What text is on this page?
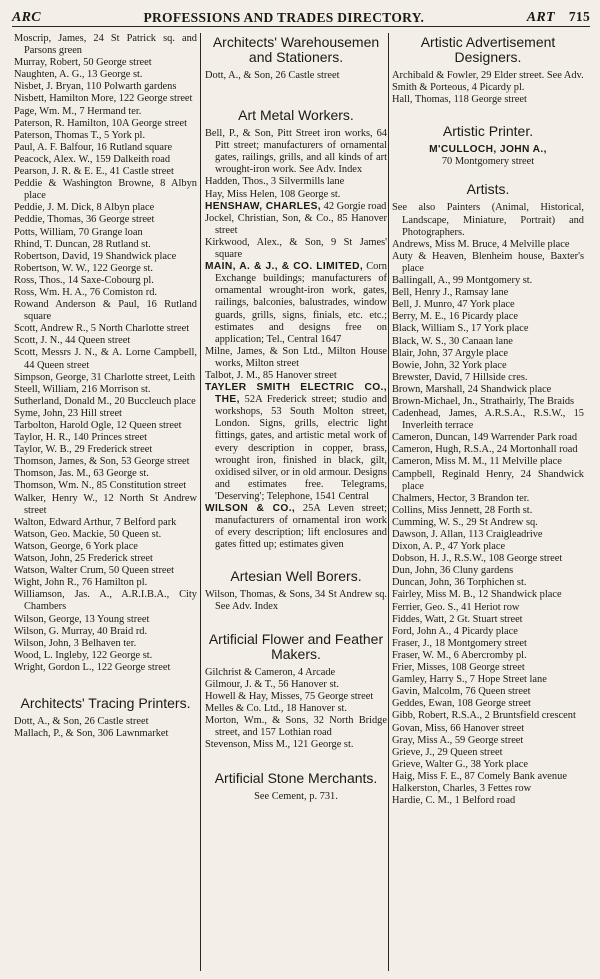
ARC	PROFESSIONS AND TRADES DIRECTORY.	ART 715

Moscrip, James, 24 St Patrick sq. and Parsons green

Murray, Robert, 50 George street

Naughten, A. G., 13 George st.

Nisbet, J. Bryan, 110 Polwarth gardens

Nisbett, Hamilton More, 122 George street

Page, Wm. M., 7 Hermand ter.

Paterson, R. Hamilton, 10A George street

Paterson, Thomas T., 5 York pl.

Paul, A. F. Balfour, 16 Rutland square

Peacock, Alex. W., 159 Dalkeith road

Pearson, J. R. & E. E., 41 Castle street

Peddie & Washington Browne, 8 Albyn place

Peddie, J. M. Dick, 8 Albyn place

Peddie, Thomas, 36 George street

Potts, William, 70 Grange loan

Rhind, T. Duncan, 28 Rutland st.

Robertson, David, 19 Shandwick place

Robertson, W. W., 122 George st.

Ross, Thos., 14 Saxe-Cobourg pl.

Ross, Wm. H. A., 76 Comiston rd.

Rowand Anderson & Paul, 16 Rutland square

Scott, Andrew R., 5 North Charlotte street

Scott, J. N., 44 Queen street

Scott, Messrs J. N., & A. Lorne Campbell, 44 Queen street

Simpson, George, 31 Charlotte street, Leith

Steell, William, 216 Morrison st.

Sutherland, Donald M., 20 Buccleuch place

Syme, John, 23 Hill street

Tarbolton, Harold Ogle, 12 Queen street

Taylor, H. R., 140 Princes street

Taylor, W. B., 29 Frederick street

Thomson, James, & Son, 53 George street

Thomson, Jas. M., 63 George st.

Thomson, Wm. N., 85 Constitution street

Walker, Henry W., 12 North St Andrew street

Walton, Edward Arthur, 7 Belford park

Watson, Geo. Mackie, 50 Queen st.

Watson, George, 6 York place

Watson, John, 25 Frederick street

Watson, Walter Crum, 50 Queen street

Wight, John R., 76 Hamilton pl.

Williamson, Jas. A., A.R.I.B.A., City Chambers

Wilson, George, 13 Young street

Wilson, G. Murray, 40 Braid rd.

Wilson, John, 3 Belhaven ter.

Wood, L. Ingleby, 122 George st.

Wright, Gordon L., 122 George street

Architects' Tracing Printers.

Dott, A., & Son, 26 Castle street

Mallach, P., & Son, 306 Lawnmarket

Architects' Warehousemen and Stationers.

Dott, A., & Son, 26 Castle street

Art Metal Workers.

Bell, P., & Son, Pitt Street iron works, 64 Pitt street; manufacturers of ornamental gates, railings, grills, and all kinds of art wrought-iron work. See Adv. Index

Hadden, Thos., 3 Silvermills lane

Hay, Miss Helen, 108 George st.

HENSHAW, CHARLES, 42 Gorgie road

Jockel, Christian, Son, & Co., 85 Hanover street

Kirkwood, Alex., & Son, 9 St James' square

MAIN, A. & J., & CO. LIMITED, Corn Exchange buildings; manufacturers of ornamental wrought-iron work, gates, railings, balconies, balustrades, window guards, grills, signs, finials, etc. etc.; estimates and designs free on application; Tel., Central 1647

Milne, James, & Son Ltd., Milton House works, Milton street

Talbot, J. M., 85 Hanover street

TAYLER SMITH ELECTRIC CO., THE, 52A Frederick street; studio and workshops, 53 South Molton street, London. Signs, grills, electric light fittings, gates, and artistic metal work of every description in copper, brass, wrought iron, finished in black, gilt, oxidised silver, or in old armour. Designs and estimates free. Telegrams, 'Deserving'; Telephone, 1541 Central

WILSON & CO., 25A Leven street; manufacturers of ornamental iron work of every description; lift enclosures and gates fitted up; estimates given

Artesian Well Borers.

Wilson, Thomas, & Sons, 34 St Andrew sq. See Adv. Index

Artificial Flower and Feather Makers.

Gilchrist & Cameron, 4 Arcade

Gilmour, J. & T., 56 Hanover st.

Howell & Hay, Misses, 75 George street

Melles & Co. Ltd., 18 Hanover st.

Morton, Wm., & Sons, 32 North Bridge street, and 157 Lothian road

Stevenson, Miss M., 121 George st.

Artificial Stone Merchants.

See Cement, p. 731.

Artistic Advertisement Designers.

Archibald & Fowler, 29 Elder street. See Adv.

Smith & Porteous, 4 Picardy pl.

Hall, Thomas, 118 George street

Artistic Printer.

M'CULLOCH, JOHN A.,

70 Montgomery street

Artists.

See also Painters (Animal, Historical, Landscape, Miniature, Portrait) and Photographers.

Andrews, Miss M. Bruce, 4 Melville place

Auty & Heaven, Blenheim house, Baxter's place

Ballingall, A., 99 Montgomery st.

Bell, Henry J., Ramsay lane

Bell, J. Munro, 47 York place

Berry, M. E., 16 Picardy place

Black, William S., 17 York place

Black, W. S., 30 Canaan lane

Blair, John, 37 Argyle place

Bowie, John, 32 York place

Brewster, David, 7 Hillside cres.

Brown, Marshall, 24 Shandwick place

Brown-Michael, Jn., Strathairly, The Braids

Cadenhead, James, A.R.S.A., R.S.W., 15 Inverleith terrace

Cameron, Duncan, 149 Warrender Park road

Cameron, Hugh, R.S.A., 24 Mortonhall road

Cameron, Miss M. M., 11 Melville place

Campbell, Reginald Henry, 24 Shandwick place

Chalmers, Hector, 3 Brandon ter.

Collins, Miss Jennett, 28 Forth st.

Cumming, W. S., 29 St Andrew sq.

Dawson, J. Allan, 113 Craigleadrive

Dixon, A. P., 47 York place

Dobson, H. J., R.S.W., 108 George street

Dun, John, 36 Cluny gardens

Duncan, John, 36 Torphichen st.

Fairley, Miss M. B., 12 Shandwick place

Ferrier, Geo. S., 41 Heriot row

Fiddes, Watt, 2 Gt. Stuart street

Ford, John A., 4 Picardy place

Fraser, J., 18 Montgomery street

Fraser, W. M., 6 Abercromby pl.

Frier, Misses, 108 George street

Gamley, Harry S., 7 Hope Street lane

Gavin, Malcolm, 76 Queen street

Geddes, Ewan, 108 George street

Gibb, Robert, R.S.A., 2 Bruntsfield crescent

Govan, Miss, 66 Hanover street

Gray, Miss A., 59 George street

Grieve, J., 29 Queen street

Grieve, Walter G., 38 York place

Haig, Miss F. E., 87 Comely Bank avenue

Halkerston, Charles, 3 Fettes row

Hardie, C. M., 1 Belford road
